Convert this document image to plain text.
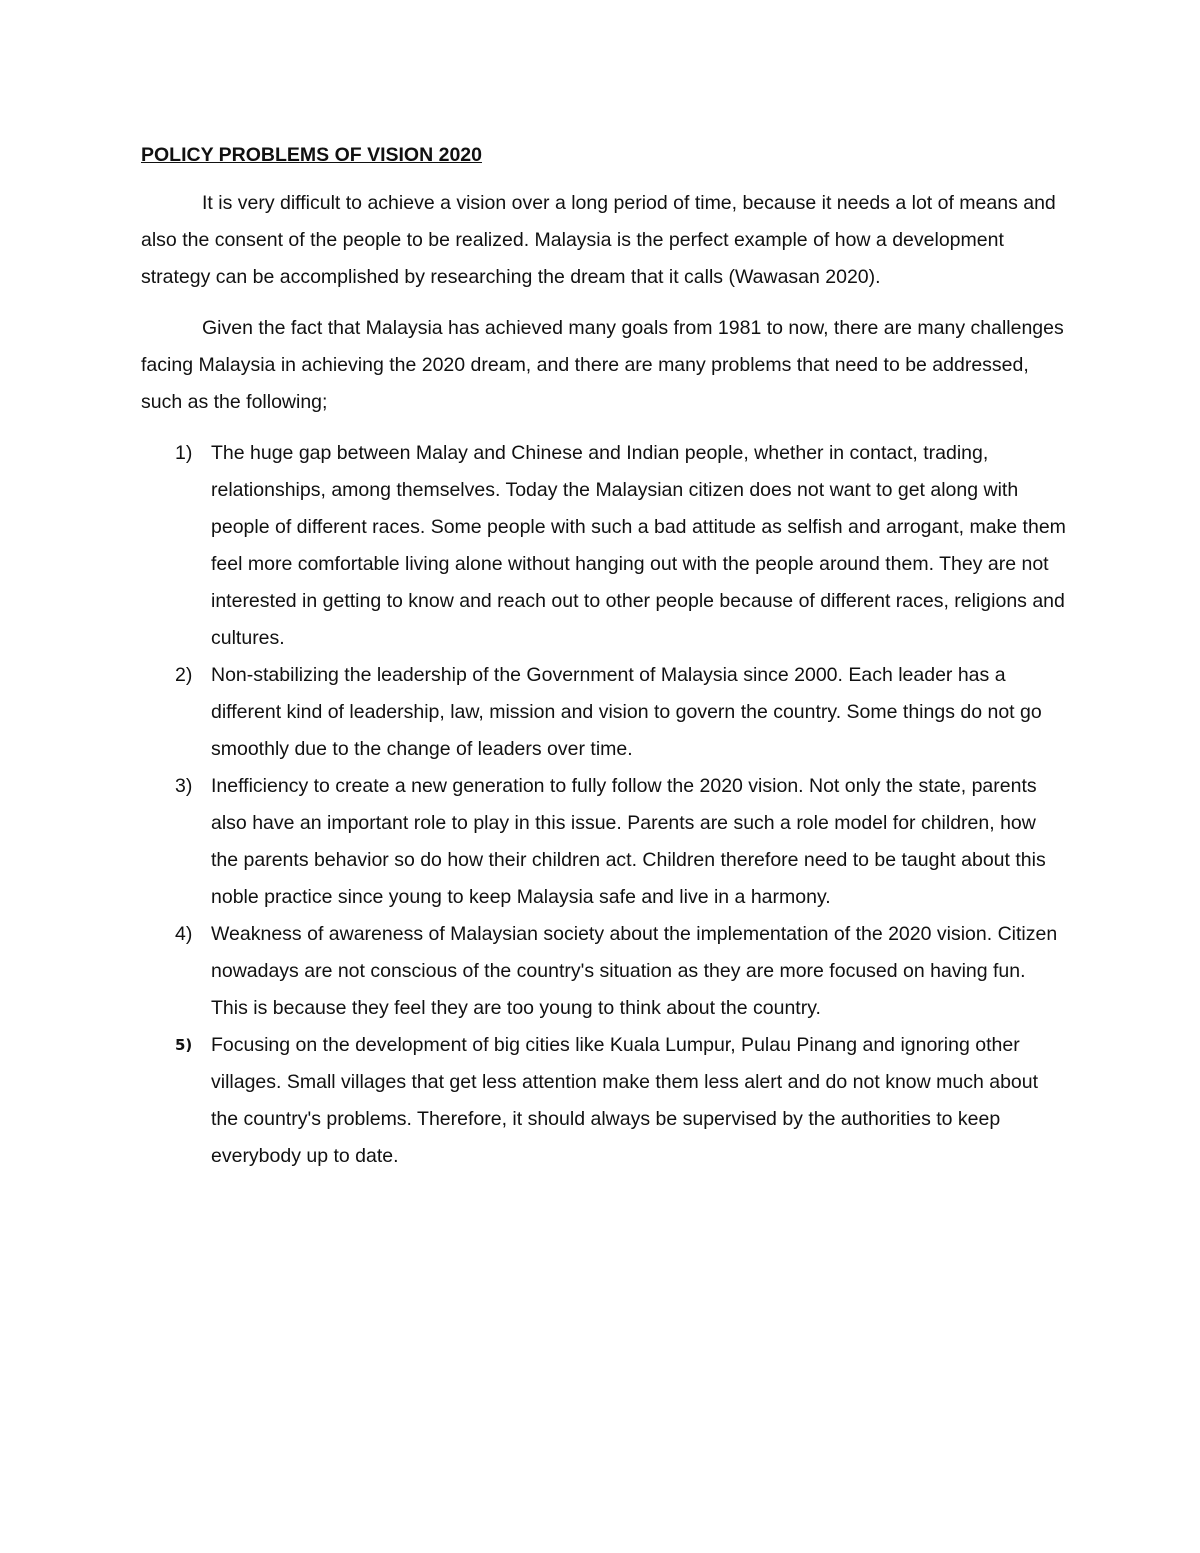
POLICY PROBLEMS OF VISION 2020

It is very difficult to achieve a vision over a long period of time, because it needs a lot of means and also the consent of the people to be realized. Malaysia is the perfect example of how a development strategy can be accomplished by researching the dream that it calls (Wawasan 2020).

Given the fact that Malaysia has achieved many goals from 1981 to now, there are many challenges facing Malaysia in achieving the 2020 dream, and there are many problems that need to be addressed, such as the following;

1) The huge gap between Malay and Chinese and Indian people, whether in contact, trading, relationships, among themselves. Today the Malaysian citizen does not want to get along with people of different races. Some people with such a bad attitude as selfish and arrogant, make them feel more comfortable living alone without hanging out with the people around them. They are not interested in getting to know and reach out to other people because of different races, religions and cultures.
2) Non-stabilizing the leadership of the Government of Malaysia since 2000. Each leader has a different kind of leadership, law, mission and vision to govern the country. Some things do not go smoothly due to the change of leaders over time.
3) Inefficiency to create a new generation to fully follow the 2020 vision. Not only the state, parents also have an important role to play in this issue. Parents are such a role model for children, how the parents behavior so do how their children act. Children therefore need to be taught about this noble practice since young to keep Malaysia safe and live in a harmony.
4) Weakness of awareness of Malaysian society about the implementation of the 2020 vision. Citizen nowadays are not conscious of the country's situation as they are more focused on having fun. This is because they feel they are too young to think about the country.
5) Focusing on the development of big cities like Kuala Lumpur, Pulau Pinang and ignoring other villages. Small villages that get less attention make them less alert and do not know much about the country's problems. Therefore, it should always be supervised by the authorities to keep everybody up to date.
